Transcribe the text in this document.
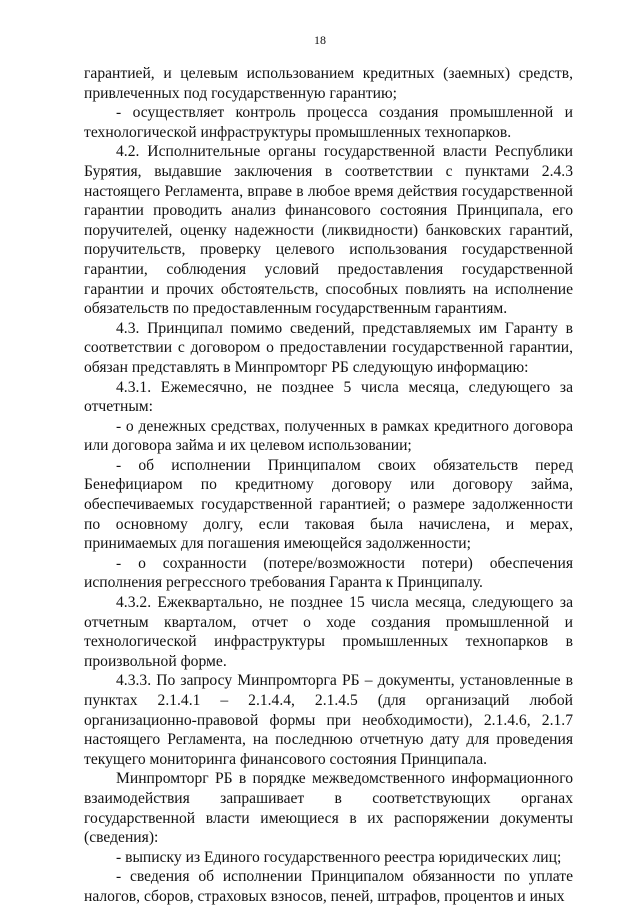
18

гарантией, и целевым использованием кредитных (заемных) средств, привлеченных под государственную гарантию;

- осуществляет контроль процесса создания промышленной и технологической инфраструктуры промышленных технопарков.

4.2. Исполнительные органы государственной власти Республики Бурятия, выдавшие заключения в соответствии с пунктами 2.4.3 настоящего Регламента, вправе в любое время действия государственной гарантии проводить анализ финансового состояния Принципала, его поручителей, оценку надежности (ликвидности) банковских гарантий, поручительств, проверку целевого использования государственной гарантии, соблюдения условий предоставления государственной гарантии и прочих обстоятельств, способных повлиять на исполнение обязательств по предоставленным государственным гарантиям.

4.3. Принципал помимо сведений, представляемых им Гаранту в соответствии с договором о предоставлении государственной гарантии, обязан представлять в Минпромторг РБ следующую информацию:

4.3.1. Ежемесячно, не позднее 5 числа месяца, следующего за отчетным:

- о денежных средствах, полученных в рамках кредитного договора или договора займа и их целевом использовании;

- об исполнении Принципалом своих обязательств перед Бенефициаром по кредитному договору или договору займа, обеспечиваемых государственной гарантией; о размере задолженности по основному долгу, если таковая была начислена, и мерах, принимаемых для погашения имеющейся задолженности;

- о сохранности (потере/возможности потери) обеспечения исполнения регрессного требования Гаранта к Принципалу.

4.3.2. Ежеквартально, не позднее 15 числа месяца, следующего за отчетным кварталом, отчет о ходе создания промышленной и технологической инфраструктуры промышленных технопарков в произвольной форме.

4.3.3. По запросу Минпромторга РБ – документы, установленные в пунктах 2.1.4.1 – 2.1.4.4, 2.1.4.5 (для организаций любой организационно-правовой формы при необходимости), 2.1.4.6, 2.1.7 настоящего Регламента, на последнюю отчетную дату для проведения текущего мониторинга финансового состояния Принципала.

Минпромторг РБ в порядке межведомственного информационного взаимодействия запрашивает в соответствующих органах государственной власти имеющиеся в их распоряжении документы (сведения):

- выписку из Единого государственного реестра юридических лиц;

- сведения об исполнении Принципалом обязанности по уплате налогов, сборов, страховых взносов, пеней, штрафов, процентов и иных
